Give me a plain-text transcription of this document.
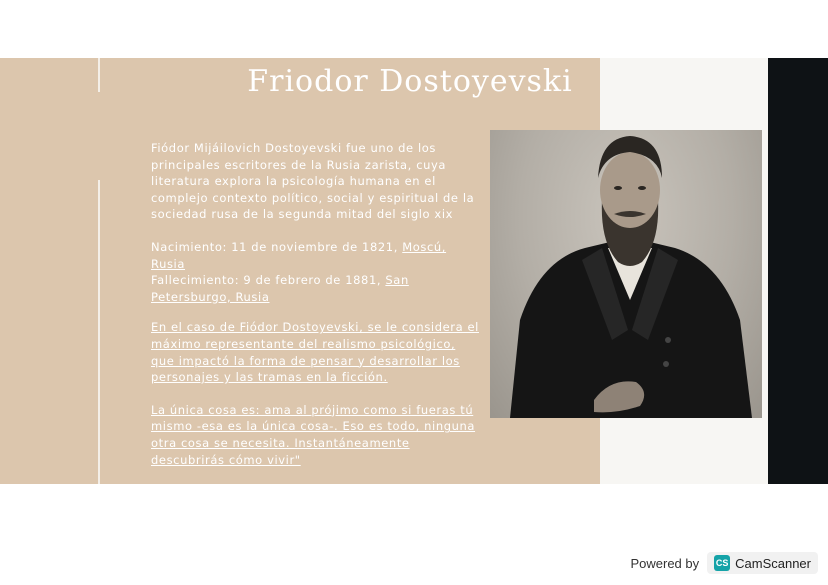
Friodor Dostoyevski

Fiódor Mijáilovich Dostoyevski fue uno de los principales escritores de la Rusia zarista, cuya literatura explora la psicología humana en el complejo contexto político, social y espiritual de la sociedad rusa de la segunda mitad del siglo xix

Nacimiento: 11 de noviembre de 1821, Moscú, Rusia
Fallecimiento: 9 de febrero de 1881, San Petersburgo, Rusia

En el caso de Fiódor Dostoyevski, se le considera el máximo representante del realismo psicológico, que impactó la forma de pensar y desarrollar los personajes y las tramas en la ficción.

La única cosa es: ama al prójimo como si fueras tú mismo -esa es la única cosa-. Eso es todo, ninguna otra cosa se necesita. Instantáneamente descubrirás cómo vivir"

Powered by CS CamScanner
